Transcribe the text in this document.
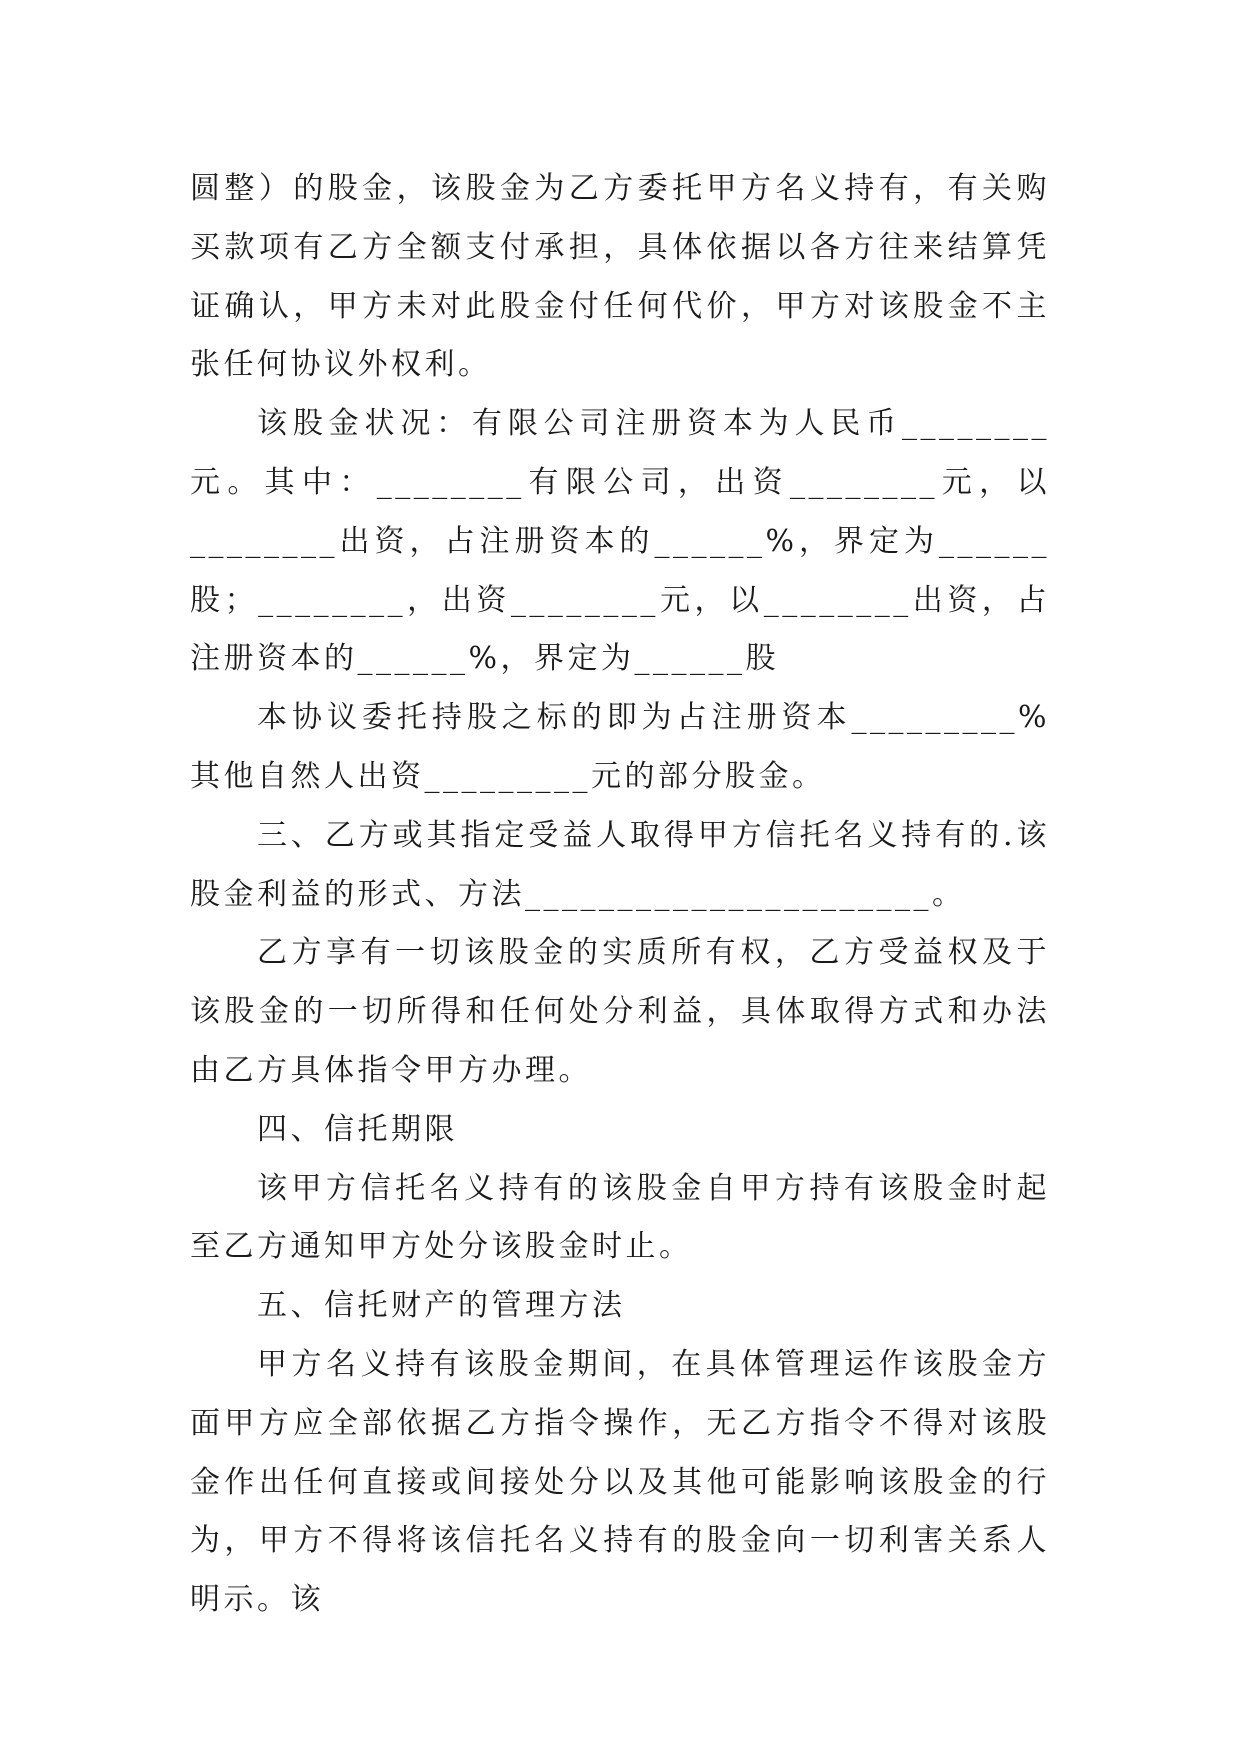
圆整）的股金，该股金为乙方委托甲方名义持有，有关购买款项有乙方全额支付承担，具体依据以各方往来结算凭证确认，甲方未对此股金付任何代价，甲方对该股金不主张任何协议外权利。

该股金状况：有限公司注册资本为人民币________元。其中：________有限公司，出资________元，以________出资，占注册资本的______%，界定为______股；________，出资________元，以________出资，占注册资本的______%，界定为______股

本协议委托持股之标的即为占注册资本_________%其他自然人出资_________元的部分股金。

三、乙方或其指定受益人取得甲方信托名义持有的.该股金利益的形式、方法______________________。

乙方享有一切该股金的实质所有权，乙方受益权及于该股金的一切所得和任何处分利益，具体取得方式和办法由乙方具体指令甲方办理。

四、信托期限

该甲方信托名义持有的该股金自甲方持有该股金时起至乙方通知甲方处分该股金时止。

五、信托财产的管理方法

甲方名义持有该股金期间，在具体管理运作该股金方面甲方应全部依据乙方指令操作，无乙方指令不得对该股金作出任何直接或间接处分以及其他可能影响该股金的行为，甲方不得将该信托名义持有的股金向一切利害关系人明示。该
